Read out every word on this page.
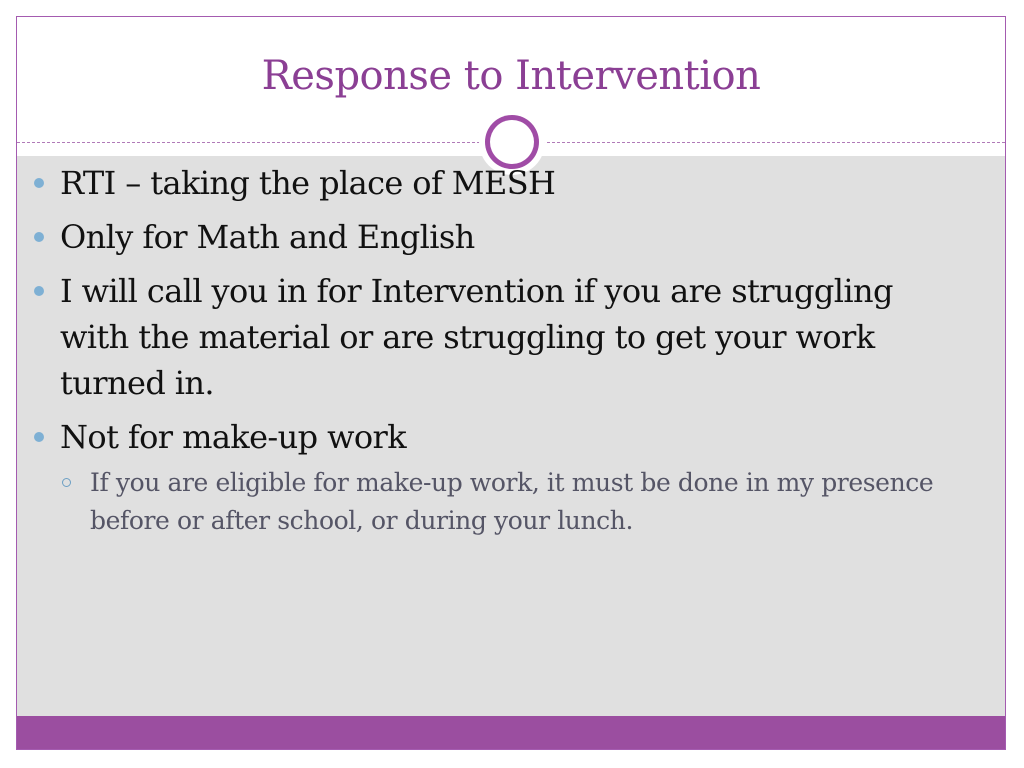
Response to Intervention
RTI – taking the place of MESH
Only for Math and English
I will call you in for Intervention if you are struggling with the material or are struggling to get your work turned in.
Not for make-up work
If you are eligible for make-up work, it must be done in my presence before or after school, or during your lunch.
